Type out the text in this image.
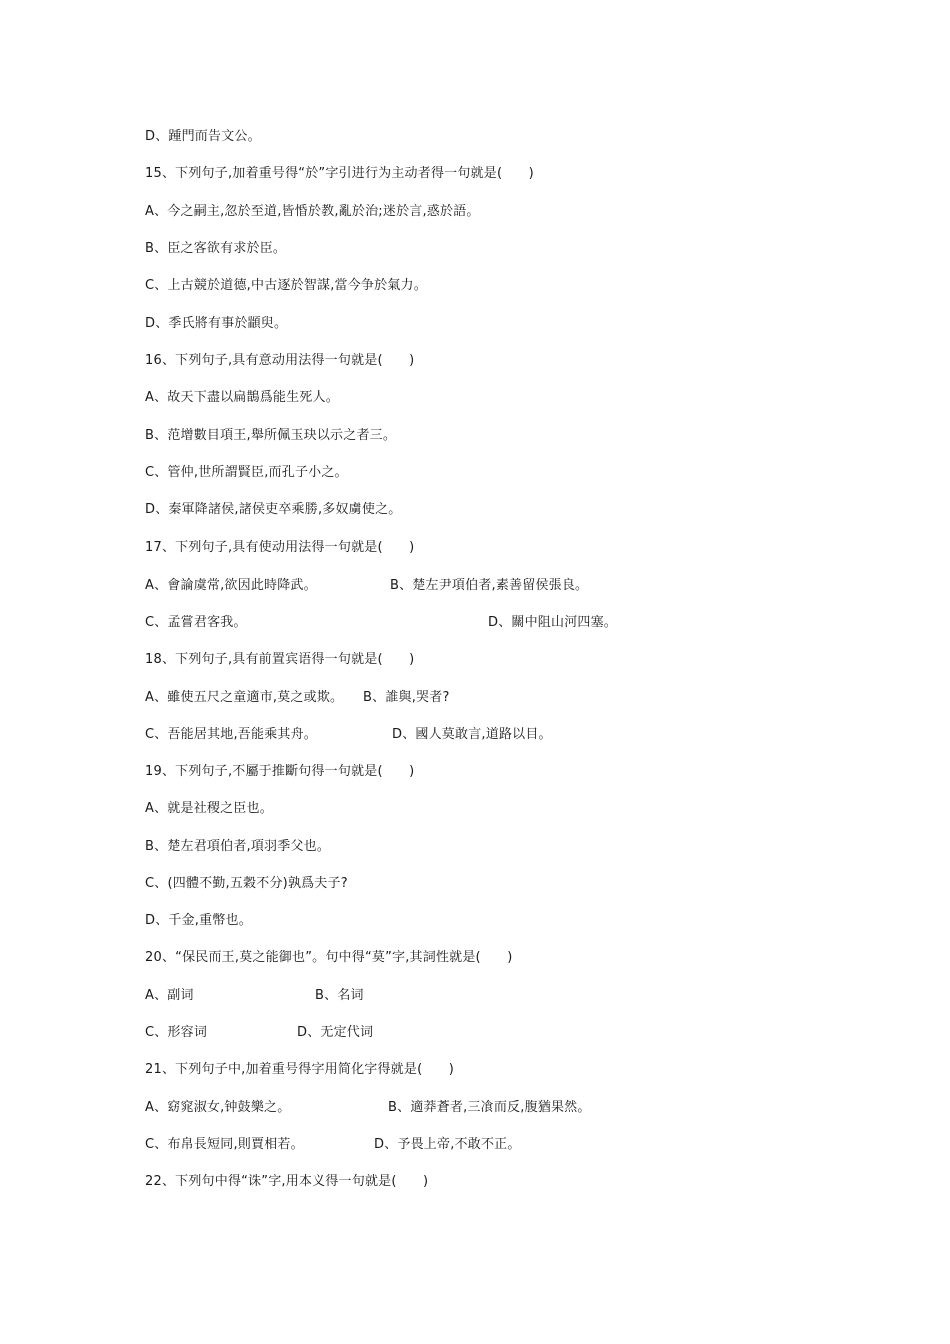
D、踵門而告文公。
15、下列句子,加着重号得“於”字引进行为主动者得一句就是(　　)
A、今之嗣主,忽於至道,皆惛於教,亂於治;迷於言,惑於語。
B、臣之客欲有求於臣。
C、上古競於道德,中古逐於智謀,當今争於氣力。
D、季氏將有事於顓臾。
16、下列句子,具有意动用法得一句就是(　　)
A、故天下盡以扁鵲爲能生死人。
B、范增數目項王,舉所佩玉玦以示之者三。
C、管仲,世所謂賢臣,而孔子小之。
D、秦軍降諸侯,諸侯吏卒乘勝,多奴虜使之。
17、下列句子,具有使动用法得一句就是(　　)
A、會論虞常,欲因此時降武。	B、楚左尹項伯者,素善留侯張良。
C、孟嘗君客我。	D、關中阻山河四塞。
18、下列句子,具有前置宾语得一句就是(　　)
A、雖使五尺之童適市,莫之或欺。 B、誰與,哭者?
C、吾能居其地,吾能乘其舟。	D、國人莫敢言,道路以目。
19、下列句子,不屬于推斷句得一句就是(　　)
A、就是社稷之臣也。
B、楚左君項伯者,項羽季父也。
C、(四體不勤,五穀不分)孰爲夫子?
D、千金,重幣也。
20、“保民而王,莫之能御也”。句中得“莫”字,其詞性就是(　　)
A、副词	B、名词
C、形容词	D、无定代词
21、下列句子中,加着重号得字用简化字得就是(　　)
A、窈窕淑女,钟鼓樂之。	B、適莽蒼者,三飡而反,腹猶果然。
C、布帛長短同,則賈相若。	D、予畏上帝,不敢不正。
22、下列句中得“诛”字,用本义得一句就是(　　)
